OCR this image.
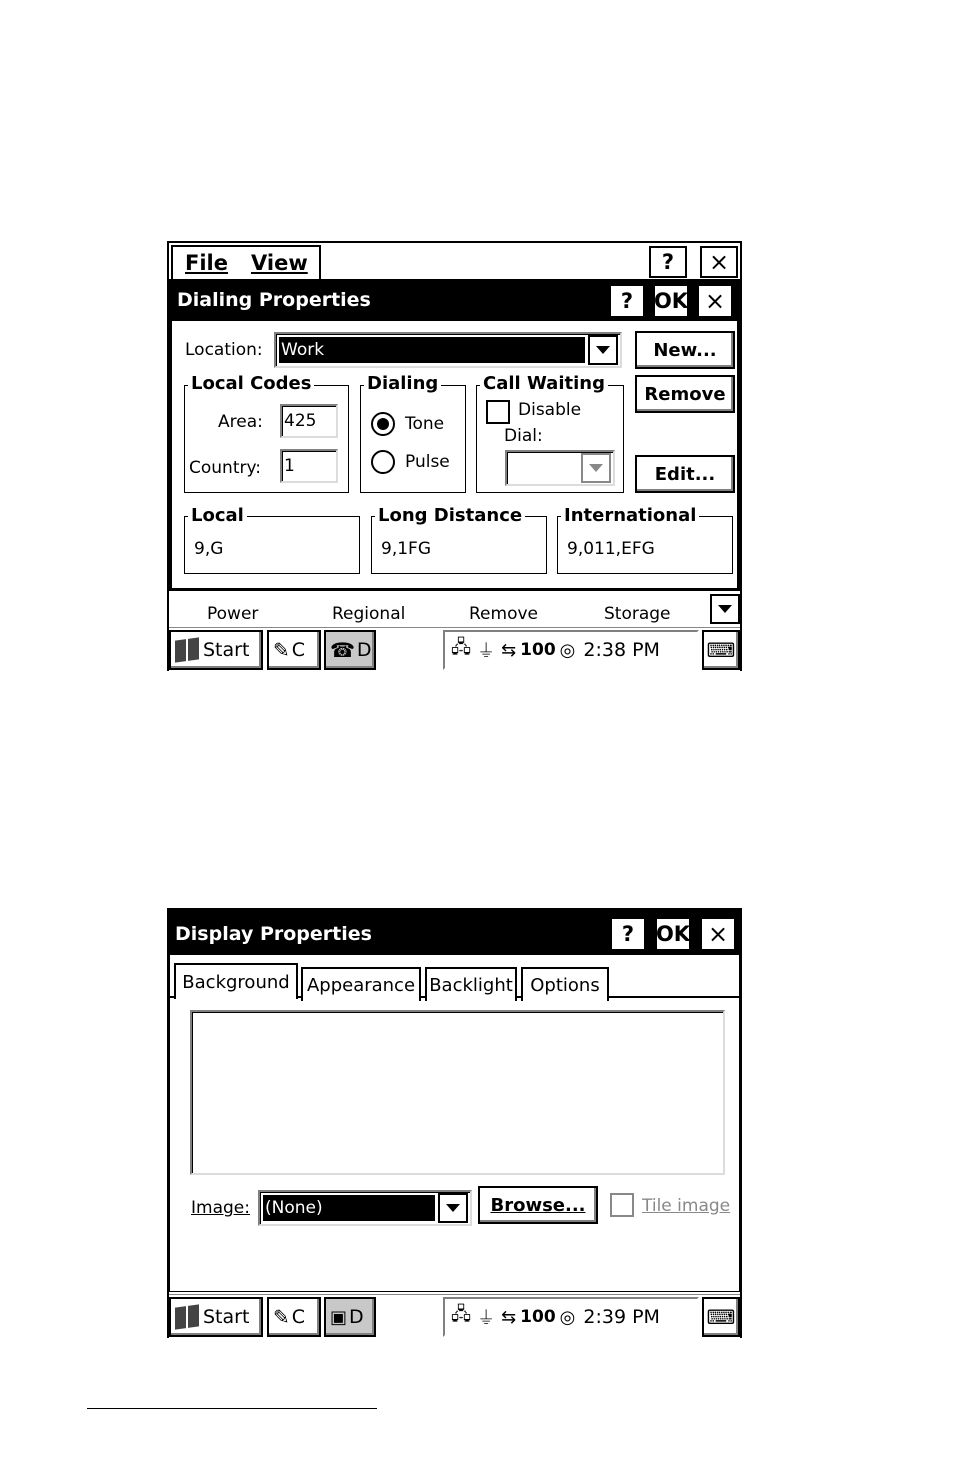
File View	?	×
Dialing Properties	? OK ×
Location: Work	New...
Remove
Edit...
Local Codes
Area: 425
Country: 1
Dialing
Tone
Pulse
Call Waiting
Disable
Dial:
Local
9,G
Long Distance
9,1FG
International
9,011,EFG
Power	Regional	Remove	Storage
Start ✎ C ☎ D	🖧 ⏚ ⇆ 100 ◎ 2:38 PM ⌨
Display Properties	?	OK ×
Background Appearance Backlight Options
Image: (None)	Browse...	Tile image
Start ✎ C ▣ D	🖧 ⏚ ⇆ 100 ◎ 2:39 PM ⌨
